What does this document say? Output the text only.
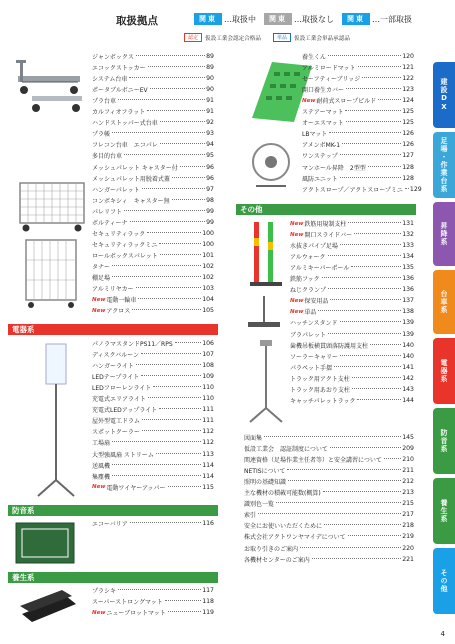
取扱拠点	関東 …取扱中	関東 …取扱なし	関東 …一部取扱
認定	仮設工業会認定合格品	単品	仮設工業会単品承認品
ジャンボックス	89
エコックストッカー	89
システム台車	90
ポータブルボニーEV	90
プラ台車	91
カルフィオフラット	91
ハンドストッパー式台車	92
プラ帳	93
フレコン台車　エコパレ	94
多目的台車	95
メッシュパレット キャスター付	96
メッシュパレット用脱着式蓋	96
ハンガーパレット	97
コンボキシィ　キャスター無	98
パレリフト	99
ボルティーナ	99
セキュリティラック	100
セキュリティラックミニ	100
ロールボックスパレット	101
タナー	102
棚足場	102
アルミリヤカー	103
New 電動一輪車	104
New アクロス	105
電器系
パノラマスタンドPS11／RPS	106
ディスクバルーン	107
ハンガーライト	108
LEDテープライト	109
LEDフローレンライト	110
充電式エリアライト	110
充電式LEDアップライト	111
屋外型電工ドラム	111
スポットクーラー	112
工場扇	112
大型強風扇 ストリーム	113
送風機	114
集塵機	114
New 電動ワイヤーアッパー	115
防音系
エコーバリア	116
養生系
プラシキ	117
スーパーストロングマット	118
New ニューブロットマット	119
養生くん	120
アルミロードマット	121
セーフティーブリッジ	122
開口養生カバー	123
New 耐荷式スロープピルド	124
ステアーマット	125
オーエスマット	125
LBマット	126
アメンボMK-1	126
ワンステップ	127
マンホール昇降　2型型	128
風防ユニット	128
アクトスロープ／アクトスロープミニ 129
その他
New 鉄筋用規制支柱	131
New 開口スライドバー	132
水抜きパイプ足場	133
アルウォーク	134
アルミキーパーポール	135
鉄筋フック	136
ねじクランプ	136
New 保安用品	137
New 単品	138
ハッチンスタンド	139
ブラパレット	139
歯機吊板横貫頭落防護用支柱	140
ソーラーキャリー	140
パラペット手摺	141
トラック用アクト支柱	142
トラック用あおり支柱	143
キャッチパレットラック	144
図面集	145
仮設工業会　認証制度について	209
関連資格（足場作業主任者等）と安全講習について	210
NETISについて	211
照明の基礎知識	212
主な機材の積載可能数(概算)	213
識別色一覧	215
索引	217
安全にお使いいただくために	218
株式会社アクトワンヤマイデについて	219
お取り引きのご案内	220
各機材センターのご案内	221
建設DX
足場・作業台系
昇降系
台車系
電器系
防音系
養生系
その他
4
